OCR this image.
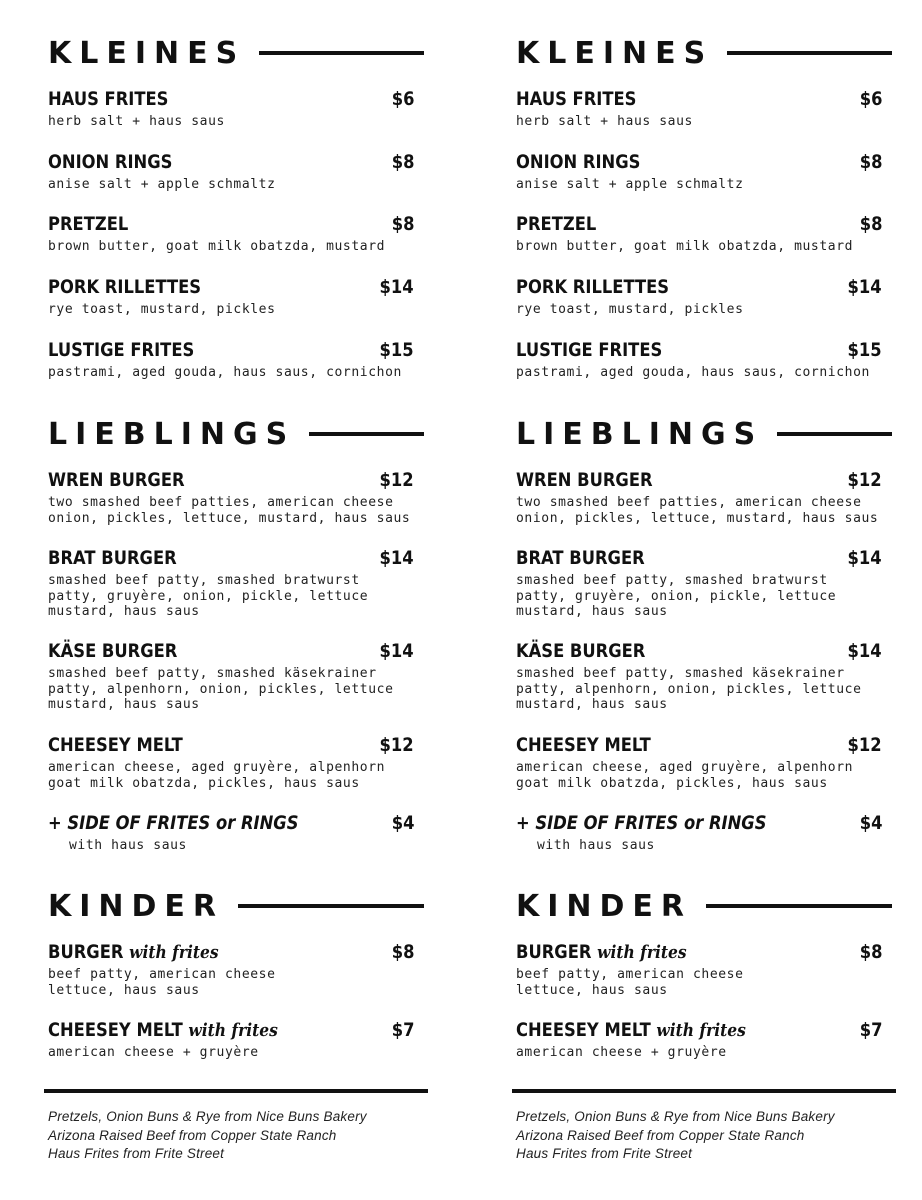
KLEINES
HAUS FRITES	$6
herb salt + haus saus
ONION RINGS	$8
anise salt + apple schmaltz
PRETZEL	$8
brown butter, goat milk obatzda, mustard
PORK RILLETTES	$14
rye toast, mustard, pickles
LUSTIGE FRITES	$15
pastrami, aged gouda, haus saus, cornichon
LIEBLINGS
WREN BURGER	$12
two smashed beef patties, american cheese
onion, pickles, lettuce, mustard, haus saus
BRAT BURGER	$14
smashed beef patty, smashed bratwurst
patty, gruyère, onion, pickle, lettuce
mustard, haus saus
KÄSE BURGER	$14
smashed beef patty, smashed käsekrainer
patty, alpenhorn, onion, pickles, lettuce
mustard, haus saus
CHEESEY MELT	$12
american cheese, aged gruyère, alpenhorn
goat milk obatzda, pickles, haus saus
+ SIDE OF FRITES or RINGS	$4
with haus saus
KINDER
BURGER with frites	$8
beef patty, american cheese
lettuce, haus saus
CHEESEY MELT with frites	$7
american cheese + gruyère
Pretzels, Onion Buns & Rye from Nice Buns Bakery
Arizona Raised Beef from Copper State Ranch
Haus Frites from Frite Street
KLEINES
HAUS FRITES	$6
herb salt + haus saus
ONION RINGS	$8
anise salt + apple schmaltz
PRETZEL	$8
brown butter, goat milk obatzda, mustard
PORK RILLETTES	$14
rye toast, mustard, pickles
LUSTIGE FRITES	$15
pastrami, aged gouda, haus saus, cornichon
LIEBLINGS
WREN BURGER	$12
two smashed beef patties, american cheese
onion, pickles, lettuce, mustard, haus saus
BRAT BURGER	$14
smashed beef patty, smashed bratwurst
patty, gruyère, onion, pickle, lettuce
mustard, haus saus
KÄSE BURGER	$14
smashed beef patty, smashed käsekrainer
patty, alpenhorn, onion, pickles, lettuce
mustard, haus saus
CHEESEY MELT	$12
american cheese, aged gruyère, alpenhorn
goat milk obatzda, pickles, haus saus
+ SIDE OF FRITES or RINGS	$4
with haus saus
KINDER
BURGER with frites	$8
beef patty, american cheese
lettuce, haus saus
CHEESEY MELT with frites	$7
american cheese + gruyère
Pretzels, Onion Buns & Rye from Nice Buns Bakery
Arizona Raised Beef from Copper State Ranch
Haus Frites from Frite Street
